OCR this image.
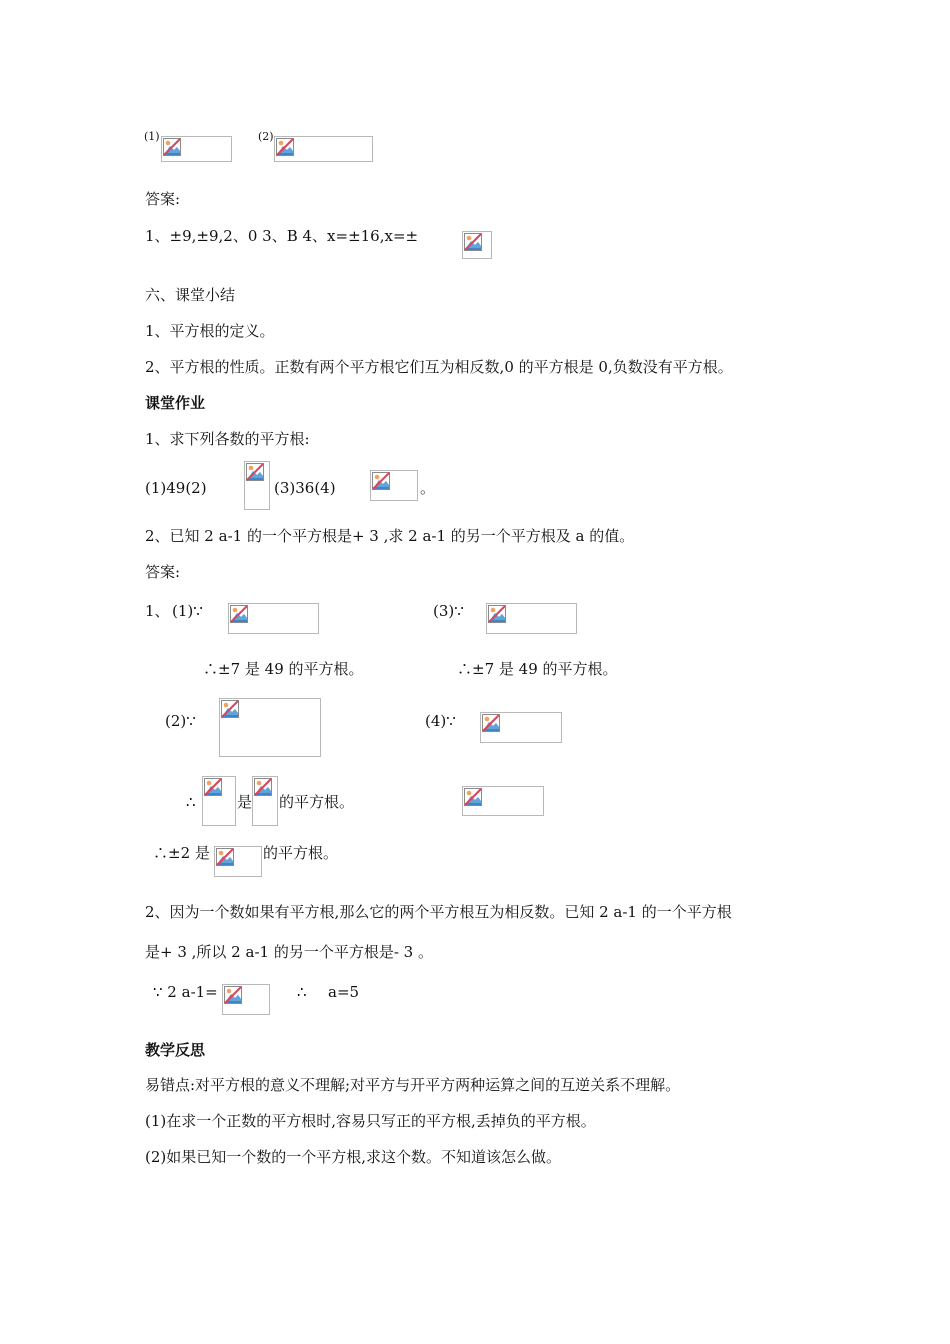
(1)	(2)
答案:
1、±9,±9,2、0 3、B 4、x=±16,x=±
六、课堂小结
1、平方根的定义。
2、平方根的性质。正数有两个平方根它们互为相反数,0 的平方根是 0,负数没有平方根。
课堂作业
1、求下列各数的平方根:
(1)49(2)	(3)36(4)	。
2、已知 2 a-1 的一个平方根是+ 3 ,求 2 a-1 的另一个平方根及 a 的值。
答案:
1、 (1)∵	(3)∵
∴±7 是 49 的平方根。	∴±7 是 49 的平方根。
(2)∵	(4)∵
∴	是 的平方根。
∴±2 是	的平方根。
2、因为一个数如果有平方根,那么它的两个平方根互为相反数。已知 2 a-1 的一个平方根
是+ 3 ,所以 2 a-1 的另一个平方根是- 3 。
∵ 2 a-1=	∴ a=5
教学反思
易错点:对平方根的意义不理解;对平方与开平方两种运算之间的互逆关系不理解。
(1)在求一个正数的平方根时,容易只写正的平方根,丢掉负的平方根。
(2)如果已知一个数的一个平方根,求这个数。不知道该怎么做。
